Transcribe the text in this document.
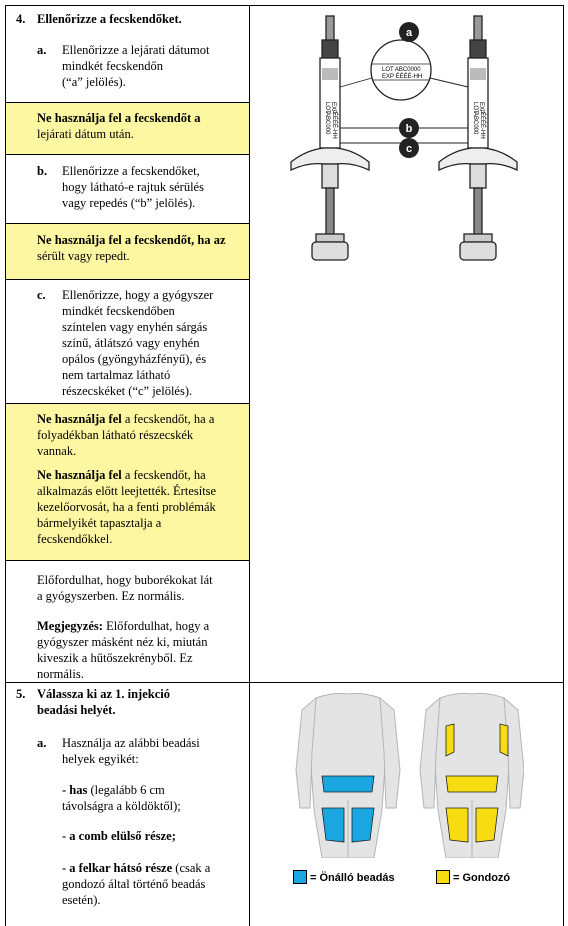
4. Ellenőrizze a fecskendőket.
a. Ellenőrizze a lejárati dátumot
mindkét fecskendőn
(“a” jelölés).
Ne használja fel a fecskendőt a
lejárati dátum után.
b. Ellenőrizze a fecskendőket,
hogy látható-e rajtuk sérülés
vagy repedés (“b” jelölés).
Ne használja fel a fecskendőt, ha az
sérült vagy repedt.
c. Ellenőrizze, hogy a gyógyszer
mindkét fecskendőben
színtelen vagy enyhén sárgás
színű, átlátszó vagy enyhén
opálos (gyöngyházfényű), és
nem tartalmaz látható
részecskéket (“c” jelölés).
Ne használja fel a fecskendőt, ha a
folyadékban látható részecskék
vannak.
Ne használja fel a fecskendőt, ha
alkalmazás előtt leejtették. Értesítse
kezelőorvosát, ha a fenti problémák
bármelyikét tapasztalja a
fecskendőkkel.
Előfordulhat, hogy buborékokat lát
a gyógyszerben. Ez normális.
Megjegyzés: Előfordulhat, hogy a
gyógyszer másként néz ki, miután
kiveszik a hűtőszekrényből. Ez
normális.
5. Válassza ki az 1. injekció
beadási helyét.
a. Használja az alábbi beadási
helyek egyikét:
- has (legalább 6 cm
távolságra a köldöktől);
- a comb elülső része;
- a felkar hátsó része (csak a
gondozó által történő beadás
esetén).
LOT ABC0000
EXP ÉÉÉÉ-HH
LOT EXP
ABC000 ÉÉÉÉ-HH
LOT EXP
ABC000 ÉÉÉÉ-HH
a
b
c
= Önálló beadás	= Gondozó
